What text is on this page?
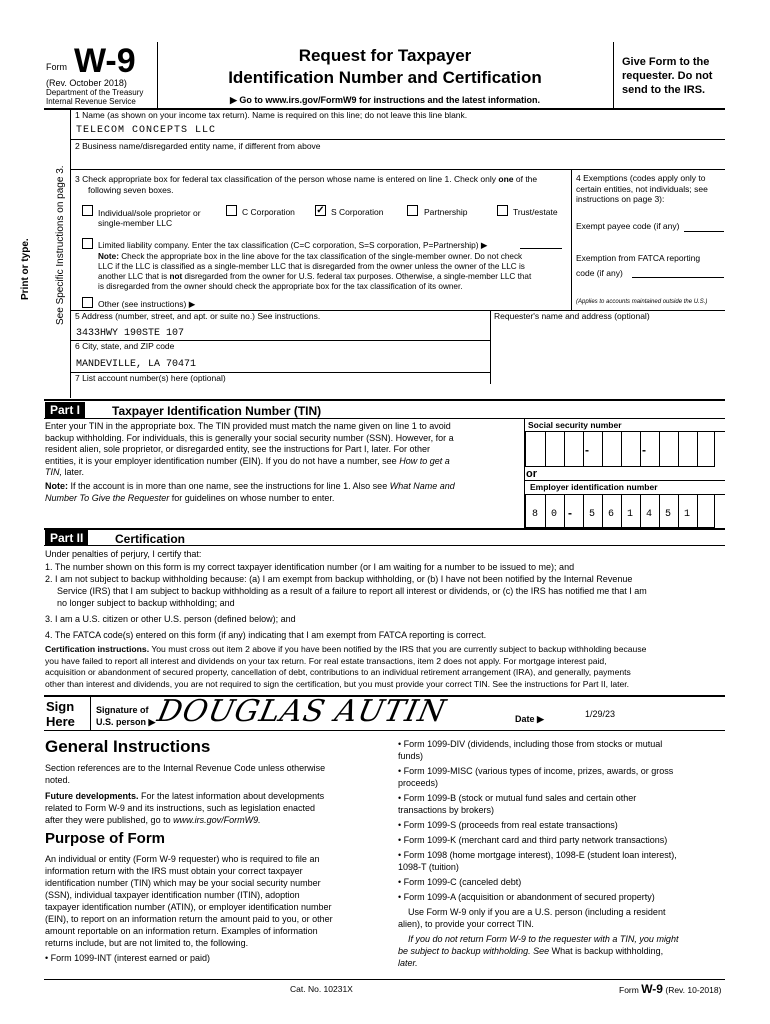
Form W-9
(Rev. October 2018)
Department of the Treasury
Internal Revenue Service
Request for Taxpayer
Identification Number and Certification
▶ Go to www.irs.gov/FormW9 for instructions and the latest information.
Give Form to the requester. Do not send to the IRS.
Print or type. See Specific Instructions on page 3.
1 Name (as shown on your income tax return). Name is required on this line; do not leave this line blank.
TELECOM CONCEPTS LLC
2 Business name/disregarded entity name, if different from above
3 Check appropriate box for federal tax classification of the person whose name is entered on line 1. Check only one of the
following seven boxes.
Individual/sole proprietor or
single-member LLC
C Corporation ✓ S Corporation	Partnership	Trust/estate
Limited liability company. Enter the tax classification (C=C corporation, S=S corporation, P=Partnership) ▶
Note: Check the appropriate box in the line above for the tax classification of the single-member owner. Do not check
LLC if the LLC is classified as a single-member LLC that is disregarded from the owner unless the owner of the LLC is
another LLC that is not disregarded from the owner for U.S. federal tax purposes. Otherwise, a single-member LLC that
is disregarded from the owner should check the appropriate box for the tax classification of its owner.
Other (see instructions) ▶
4 Exemptions (codes apply only to certain entities, not individuals; see instructions on page 3):
Exempt payee code (if any)
Exemption from FATCA reporting
code (if any)
(Applies to accounts maintained outside the U.S.)
5 Address (number, street, and apt. or suite no.) See instructions.
3433HWY 190STE 107
Requester's name and address (optional)
6 City, state, and ZIP code
MANDEVILLE, LA 70471
7 List account number(s) here (optional)
Part I	Taxpayer Identification Number (TIN)
Enter your TIN in the appropriate box. The TIN provided must match the name given on line 1 to avoid
backup withholding. For individuals, this is generally your social security number (SSN). However, for a
resident alien, sole proprietor, or disregarded entity, see the instructions for Part I, later. For other
entities, it is your employer identification number (EIN). If you do not have a number, see How to get a
TIN, later.
Note: If the account is in more than one name, see the instructions for line 1. Also see What Name and
Number To Give the Requester for guidelines on whose number to enter.
Social security number
-	-
or
Employer identification number
8	0 -	5	6	1	4	5	1
Part II	Certification
Under penalties of perjury, I certify that:
1. The number shown on this form is my correct taxpayer identification number (or I am waiting for a number to be issued to me); and
2. I am not subject to backup withholding because: (a) I am exempt from backup withholding, or (b) I have not been notified by the Internal Revenue
Service (IRS) that I am subject to backup withholding as a result of a failure to report all interest or dividends, or (c) the IRS has notified me that I am
no longer subject to backup withholding; and
3. I am a U.S. citizen or other U.S. person (defined below); and
4. The FATCA code(s) entered on this form (if any) indicating that I am exempt from FATCA reporting is correct.
Certification instructions. You must cross out item 2 above if you have been notified by the IRS that you are currently subject to backup withholding because
you have failed to report all interest and dividends on your tax return. For real estate transactions, item 2 does not apply. For mortgage interest paid,
acquisition or abandonment of secured property, cancellation of debt, contributions to an individual retirement arrangement (IRA), and generally, payments
other than interest and dividends, you are not required to sign the certification, but you must provide your correct TIN. See the instructions for Part II, later.
Sign
Here
Signature of
U.S. person ▶
DOUGLAS AUTIN	Date ▶	1/29/23
General Instructions
Section references are to the Internal Revenue Code unless otherwise
noted.
Future developments. For the latest information about developments
related to Form W-9 and its instructions, such as legislation enacted
after they were published, go to www.irs.gov/FormW9.
Purpose of Form
An individual or entity (Form W-9 requester) who is required to file an
information return with the IRS must obtain your correct taxpayer
identification number (TIN) which may be your social security number
(SSN), individual taxpayer identification number (ITIN), adoption
taxpayer identification number (ATIN), or employer identification number
(EIN), to report on an information return the amount paid to you, or other
amount reportable on an information return. Examples of information
returns include, but are not limited to, the following.
• Form 1099-INT (interest earned or paid)
• Form 1099-DIV (dividends, including those from stocks or mutual
funds)
• Form 1099-MISC (various types of income, prizes, awards, or gross
proceeds)
• Form 1099-B (stock or mutual fund sales and certain other
transactions by brokers)
• Form 1099-S (proceeds from real estate transactions)
• Form 1099-K (merchant card and third party network transactions)
• Form 1098 (home mortgage interest), 1098-E (student loan interest),
1098-T (tuition)
• Form 1099-C (canceled debt)
• Form 1099-A (acquisition or abandonment of secured property)
Use Form W-9 only if you are a U.S. person (including a resident
alien), to provide your correct TIN.
If you do not return Form W-9 to the requester with a TIN, you might
be subject to backup withholding. See What is backup withholding,
later.
Cat. No. 10231X	Form W-9 (Rev. 10-2018)
